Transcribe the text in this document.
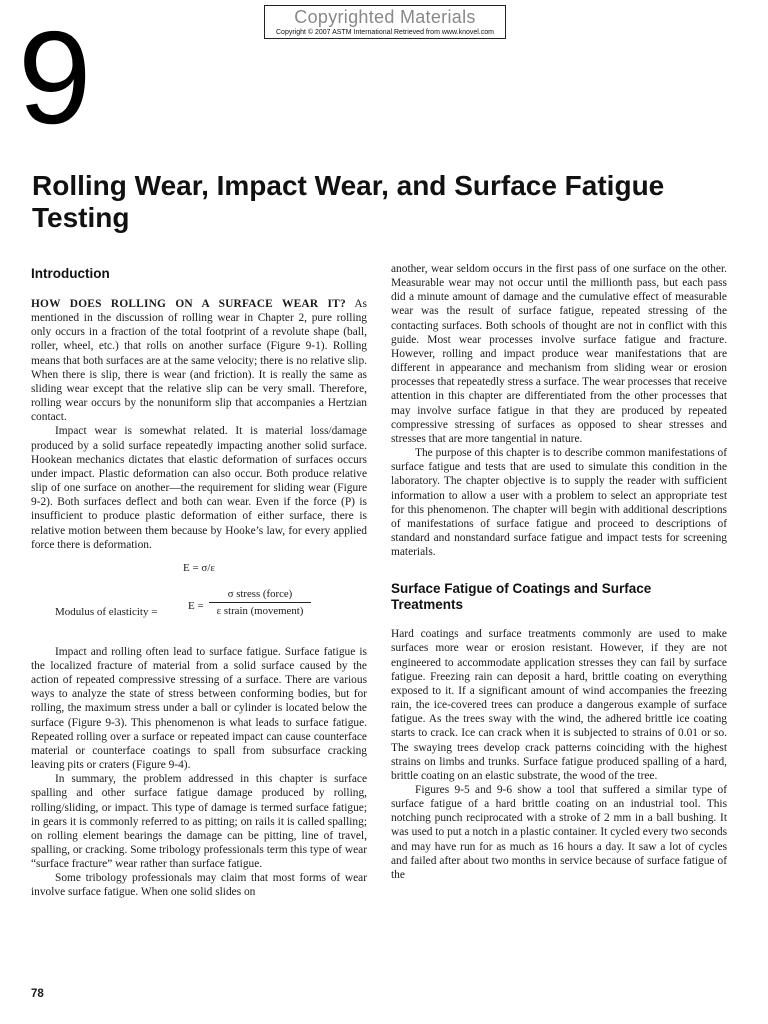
Copyrighted Materials
Copyright © 2007 ASTM International Retrieved from www.knovel.com
9
Rolling Wear, Impact Wear, and Surface Fatigue Testing
Introduction

HOW DOES ROLLING ON A SURFACE WEAR IT? As mentioned in the discussion of rolling wear in Chapter 2, pure rolling only occurs in a fraction of the total footprint of a revolute shape (ball, roller, wheel, etc.) that rolls on another surface (Figure 9-1). Rolling means that both surfaces are at the same velocity; there is no relative slip. When there is slip, there is wear (and friction). It is really the same as sliding wear except that the relative slip can be very small. Therefore, rolling wear occurs by the nonuniform slip that accompanies a Hertzian contact.

Impact wear is somewhat related. It is material loss/damage produced by a solid surface repeatedly impacting another solid surface. Hookean mechanics dictates that elastic deformation of surfaces occurs under impact. Plastic deformation can also occur. Both produce relative slip of one surface on another—the requirement for sliding wear (Figure 9-2). Both surfaces deflect and both can wear. Even if the force (P) is insufficient to produce plastic deformation of either surface, there is relative motion between them because by Hooke’s law, for every applied force there is deformation.

E = σ/ε
Modulus of elasticity =	E =
σ stress (force)
ε strain (movement)

Impact and rolling often lead to surface fatigue. Surface fatigue is the localized fracture of material from a solid surface caused by the action of repeated compressive stressing of a surface. There are various ways to analyze the state of stress between conforming bodies, but for rolling, the maximum stress under a ball or cylinder is located below the surface (Figure 9-3). This phenomenon is what leads to surface fatigue. Repeated rolling over a surface or repeated impact can cause counterface material or counterface coatings to spall from subsurface cracking leaving pits or craters (Figure 9-4).

In summary, the problem addressed in this chapter is surface spalling and other surface fatigue damage produced by rolling, rolling/sliding, or impact. This type of damage is termed surface fatigue; in gears it is commonly referred to as pitting; on rails it is called spalling; on rolling element bearings the damage can be pitting, line of travel, spalling, or cracking. Some tribology professionals term this type of wear “surface fracture” wear rather than surface fatigue.

Some tribology professionals may claim that most forms of wear involve surface fatigue. When one solid slides on

another, wear seldom occurs in the first pass of one surface on the other. Measurable wear may not occur until the millionth pass, but each pass did a minute amount of damage and the cumulative effect of measurable wear was the result of surface fatigue, repeated stressing of the contacting surfaces. Both schools of thought are not in conflict with this guide. Most wear processes involve surface fatigue and fracture. However, rolling and impact produce wear manifestations that are different in appearance and mechanism from sliding wear or erosion processes that repeatedly stress a surface. The wear processes that receive attention in this chapter are differentiated from the other processes that may involve surface fatigue in that they are produced by repeated compressive stressing of surfaces as opposed to shear stresses and stresses that are more tangential in nature.

The purpose of this chapter is to describe common manifestations of surface fatigue and tests that are used to simulate this condition in the laboratory. The chapter objective is to supply the reader with sufficient information to allow a user with a problem to select an appropriate test for this phenomenon. The chapter will begin with additional descriptions of manifestations of surface fatigue and proceed to descriptions of standard and nonstandard surface fatigue and impact tests for screening materials.

Surface Fatigue of Coatings and Surface Treatments

Hard coatings and surface treatments commonly are used to make surfaces more wear or erosion resistant. However, if they are not engineered to accommodate application stresses they can fail by surface fatigue. Freezing rain can deposit a hard, brittle coating on everything exposed to it. If a significant amount of wind accompanies the freezing rain, the ice-covered trees can produce a dangerous example of surface fatigue. As the trees sway with the wind, the adhered brittle ice coating starts to crack. Ice can crack when it is subjected to strains of 0.01 or so. The swaying trees develop crack patterns coinciding with the highest strains on limbs and trunks. Surface fatigue produced spalling of a hard, brittle coating on an elastic substrate, the wood of the tree.

Figures 9-5 and 9-6 show a tool that suffered a similar type of surface fatigue of a hard brittle coating on an industrial tool. This notching punch reciprocated with a stroke of 2 mm in a ball bushing. It was used to put a notch in a plastic container. It cycled every two seconds and may have run for as much as 16 hours a day. It saw a lot of cycles and failed after about two months in service because of surface fatigue of the

78
